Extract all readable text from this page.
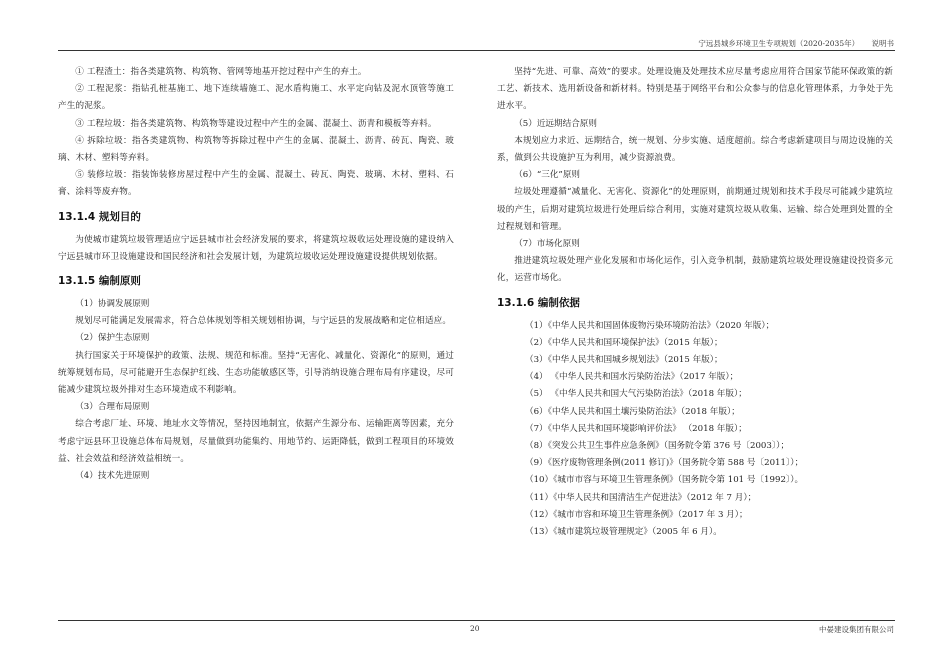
宁远县城乡环境卫生专项规划（2020-2035年） 说明书
① 工程渣土：指各类建筑物、构筑物、管网等地基开挖过程中产生的弃土。
② 工程泥浆：指钻孔桩基施工、地下连续墙施工、泥水盾构施工、水平定向钻及泥水顶管等施工产生的泥浆。
③ 工程垃圾：指各类建筑物、构筑物等建设过程中产生的金属、混凝土、沥青和模板等弃料。
④ 拆除垃圾：指各类建筑物、构筑物等拆除过程中产生的金属、混凝土、沥青、砖瓦、陶瓷、玻璃、木材、塑料等弃料。
⑤ 装修垃圾：指装饰装修房屋过程中产生的金属、混凝土、砖瓦、陶瓷、玻璃、木材、塑料、石膏、涂料等废弃物。
13.1.4 规划目的
为使城市建筑垃圾管理适应宁远县城市社会经济发展的要求，将建筑垃圾收运处理设施的建设纳入宁远县城市环卫设施建设和国民经济和社会发展计划，为建筑垃圾收运处理设施建设提供规划依据。
13.1.5 编制原则
（1）协调发展原则
规划尽可能满足发展需求，符合总体规划等相关规划相协调，与宁远县的发展战略和定位相适应。
（2）保护生态原则
执行国家关于环境保护的政策、法规、规范和标准。坚持“无害化、减量化、资源化”的原则，通过统筹规划布局，尽可能避开生态保护红线、生态功能敏感区等，引导消纳设施合理布局有序建设，尽可能减少建筑垃圾外排对生态环境造成不利影响。
（3）合理布局原则
综合考虑厂址、环境、地址水文等情况，坚持因地制宜，依据产生源分布、运输距离等因素，充分考虑宁远县环卫设施总体布局规划，尽量做到功能集约、用地节约、运距降低，做到工程项目的环境效益、社会效益和经济效益相统一。
（4）技术先进原则
坚持“先进、可靠、高效”的要求。处理设施及处理技术应尽量考虑应用符合国家节能环保政策的新工艺、新技术、选用新设备和新材料。特别是基于网络平台和公众参与的信息化管理体系，力争处于先进水平。
（5）近远期结合原则
本规划应力求近、远期结合，统一规划、分步实施、适度超前。综合考虑新建项目与周边设施的关系，做到公共设施护互为利用，减少资源浪费。
（6）“三化”原则
垃圾处理遵循“减量化、无害化、资源化”的处理原则，前期通过规划和技术手段尽可能减少建筑垃圾的产生，后期对建筑垃圾进行处理后综合利用，实施对建筑垃圾从收集、运输、综合处理到处置的全过程规划和管理。
（7）市场化原则
推进建筑垃圾处理产业化发展和市场化运作，引入竞争机制，鼓励建筑垃圾处理设施建设投资多元化，运营市场化。
13.1.6 编制依据
（1）《中华人民共和国固体废物污染环境防治法》（2020 年版）；
（2）《中华人民共和国环境保护法》（2015 年版）；
（3）《中华人民共和国城乡规划法》（2015 年版）；
（4） 《中华人民共和国水污染防治法》（2017 年版）；
（5） 《中华人民共和国大气污染防治法》（2018 年版）；
（6）《中华人民共和国土壤污染防治法》（2018 年版）；
（7）《中华人民共和国环境影响评价法》 （2018 年版）；
（8）《突发公共卫生事件应急条例》（国务院令第 376 号〔2003〕）；
（9）《医疗废物管理条例(2011 修订)》（国务院令第 588 号〔2011〕）；
（10）《城市市容与环境卫生管理条例》（国务院令第 101 号〔1992〕）。
（11）《中华人民共和国清洁生产促进法》（2012 年 7 月）；
（12）《城市市容和环境卫生管理条例》（2017 年 3 月）；
（13）《城市建筑垃圾管理规定》（2005 年 6 月）。
20	中晏建设集团有限公司
